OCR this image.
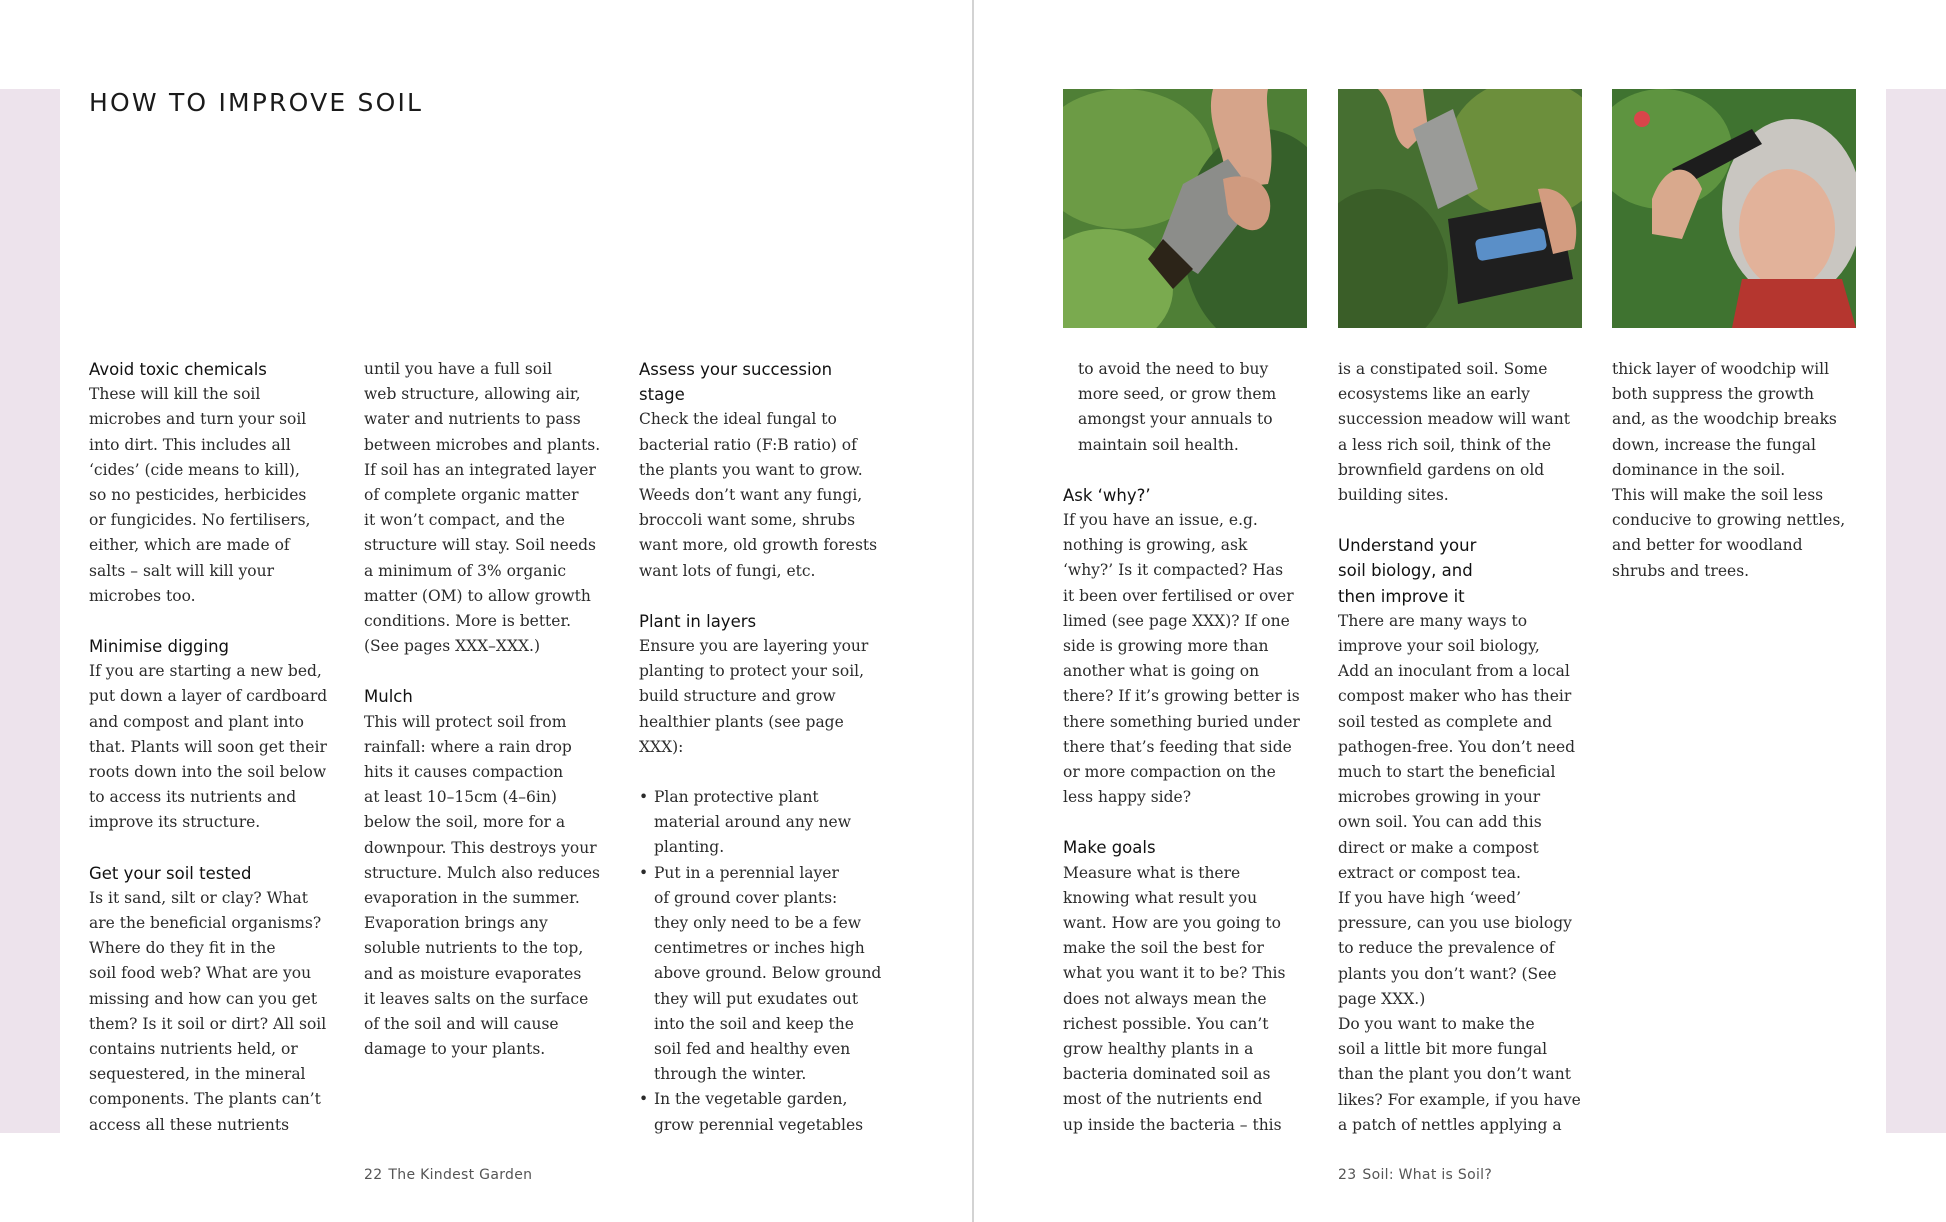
HOW TO IMPROVE SOIL
Avoid toxic chemicals

These will kill the soil
microbes and turn your soil
into dirt. This includes all
‘cides’ (cide means to kill),
so no pesticides, herbicides
or fungicides. No fertilisers,
either, which are made of
salts – salt will kill your
microbes too.

Minimise digging

If you are starting a new bed,
put down a layer of cardboard
and compost and plant into
that. Plants will soon get their
roots down into the soil below
to access its nutrients and
improve its structure.

Get your soil tested

Is it sand, silt or clay? What
are the beneficial organisms?
Where do they fit in the
soil food web? What are you
missing and how can you get
them? Is it soil or dirt? All soil
contains nutrients held, or
sequestered, in the mineral
components. The plants can’t
access all these nutrients

until you have a full soil
web structure, allowing air,
water and nutrients to pass
between microbes and plants.
If soil has an integrated layer
of complete organic matter
it won’t compact, and the
structure will stay. Soil needs
a minimum of 3% organic
matter (OM) to allow growth
conditions. More is better.
(See pages XXX–XXX.)

Mulch

This will protect soil from
rainfall: where a rain drop
hits it causes compaction
at least 10–15cm (4–6in)
below the soil, more for a
downpour. This destroys your
structure. Mulch also reduces
evaporation in the summer.
Evaporation brings any
soluble nutrients to the top,
and as moisture evaporates
it leaves salts on the surface
of the soil and will cause
damage to your plants.

Assess your succession
stage

Check the ideal fungal to
bacterial ratio (F:B ratio) of
the plants you want to grow.
Weeds don’t want any fungi,
broccoli want some, shrubs
want more, old growth forests
want lots of fungi, etc.

Plant in layers

Ensure you are layering your
planting to protect your soil,
build structure and grow
healthier plants (see page
XXX):

• Plan protective plant
material around any new
planting.
• Put in a perennial layer
of ground cover plants:
they only need to be a few
centimetres or inches high
above ground. Below ground
they will put exudates out
into the soil and keep the
soil fed and healthy even
through the winter.
• In the vegetable garden,
grow perennial vegetables
22 The Kindest Garden

to avoid the need to buy
more seed, or grow them
amongst your annuals to
maintain soil health.

Ask ‘why?’

If you have an issue, e.g.
nothing is growing, ask
‘why?’ Is it compacted? Has
it been over fertilised or over
limed (see page XXX)? If one
side is growing more than
another what is going on
there? If it’s growing better is
there something buried under
there that’s feeding that side
or more compaction on the
less happy side?

Make goals

Measure what is there
knowing what result you
want. How are you going to
make the soil the best for
what you want it to be? This
does not always mean the
richest possible. You can’t
grow healthy plants in a
bacteria dominated soil as
most of the nutrients end
up inside the bacteria – this

is a constipated soil. Some
ecosystems like an early
succession meadow will want
a less rich soil, think of the
brownfield gardens on old
building sites.

Understand your
soil biology, and
then improve it

There are many ways to
improve your soil biology,
Add an inoculant from a local
compost maker who has their
soil tested as complete and
pathogen-free. You don’t need
much to start the beneficial
microbes growing in your
own soil. You can add this
direct or make a compost
extract or compost tea.
If you have high ‘weed’
pressure, can you use biology
to reduce the prevalence of
plants you don’t want? (See
page XXX.)
Do you want to make the
soil a little bit more fungal
than the plant you don’t want
likes? For example, if you have
a patch of nettles applying a

thick layer of woodchip will
both suppress the growth
and, as the woodchip breaks
down, increase the fungal
dominance in the soil.
This will make the soil less
conducive to growing nettles,
and better for woodland
shrubs and trees.

23 Soil: What is Soil?
